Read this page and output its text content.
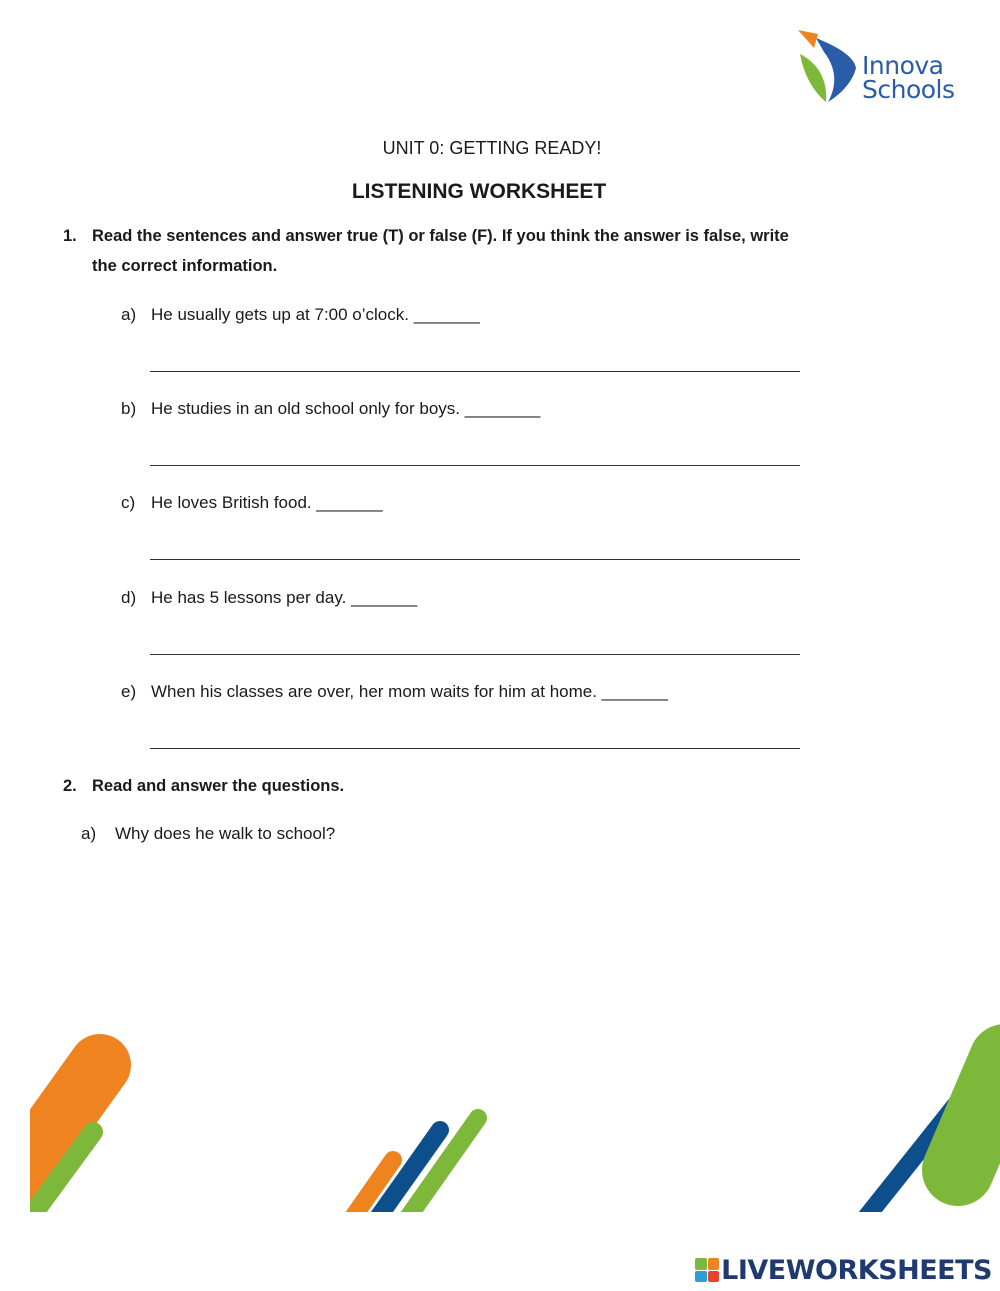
Innova
Schools
UNIT 0: GETTING READY!
LISTENING WORKSHEET
1. Read the sentences and answer true (T) or false (F). If you think the answer is false, write
the correct information.
a) He usually gets up at 7:00 o’clock. _______
b) He studies in an old school only for boys. ________
c) He loves British food. _______
d) He has 5 lessons per day. _______
e) When his classes are over, her mom waits for him at home. _______
2. Read and answer the questions.
a) Why does he walk to school?
LIVEWORKSHEETS
